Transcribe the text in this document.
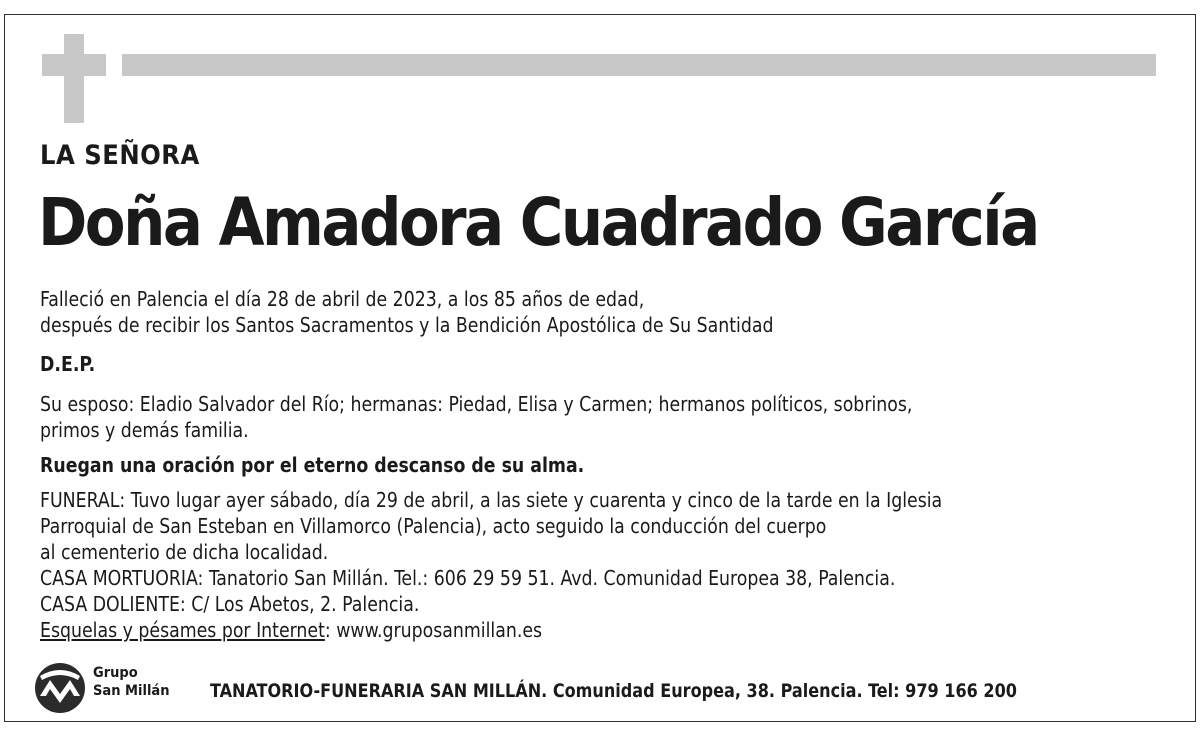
LA SEÑORA
Doña Amadora Cuadrado García
Falleció en Palencia el día 28 de abril de 2023, a los 85 años de edad,
después de recibir los Santos Sacramentos y la Bendición Apostólica de Su Santidad
D.E.P.
Su esposo: Eladio Salvador del Río; hermanas: Piedad, Elisa y Carmen; hermanos políticos, sobrinos,
primos y demás familia.
Ruegan una oración por el eterno descanso de su alma.
FUNERAL: Tuvo lugar ayer sábado, día 29 de abril, a las siete y cuarenta y cinco de la tarde en la Iglesia
Parroquial de San Esteban en Villamorco (Palencia), acto seguido la conducción del cuerpo
al cementerio de dicha localidad.
CASA MORTUORIA: Tanatorio San Millán. Tel.: 606 29 59 51. Avd. Comunidad Europea 38, Palencia.
CASA DOLIENTE: C/ Los Abetos, 2. Palencia.
Esquelas y pésames por Internet: www.gruposanmillan.es
Grupo
San Millán TANATORIO-FUNERARIA SAN MILLÁN. Comunidad Europea, 38. Palencia. Tel: 979 166 200
